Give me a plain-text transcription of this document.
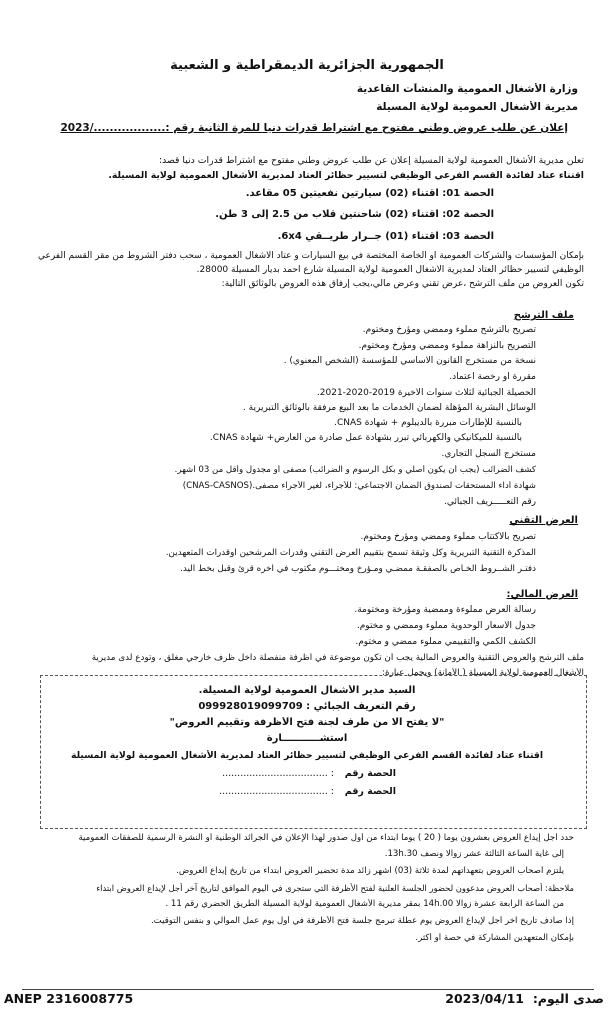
الجمهورية الجزائرية الديمقراطية و الشعبية
وزارة الأشغال العمومية والمنشآت القاعدية
مديرية الأشغال العمومية لولاية المسيلة
إعلان عن طلب عروض وطني مفتوح مع اشتراط قدرات دنيا للمرة الثانية رقم :................../2023
تعلن مديرية الأشغال العمومية لولاية المسيلة إعلان عن طلب عروض وطني مفتوح مع اشتراط قدرات دنيا قصد:
اقتناء عتاد لفائدة القسم الفرعي الوظيفي لتسيير حظائر العتاد لمديرية الأشغال العمومية لولاية المسيلة.
الحصة 01: اقتناء (02) سيارتين نفعيتين 05 مقاعد.
الحصة 02: اقتناء (02) شاحنتين قلاب من 2.5 إلى 3 طن.
الحصة 03: اقتناء (01) جــرار طريــقي 6x4.
بإمكان المؤسسات والشركات العمومية أو الخاصة المختصة في بيع السيارات و عتاد الأشغال العمومية ، سحب دفتر الشروط من مقر القسم الفرعي
الوظيفي لتسيير حظائر العتاد لمديرية الأشغال العمومية لولاية المسيلة شارع أحمد بديار المسيلة 28000.
تكون العروض من ملف الترشح ،عرض تقني وعرض مالي،يجب إرفاق هذه العروض بالوثائق التالية:
ملف الترشح
تصريح بالترشح مملوء وممضي ومؤرخ ومختوم.
التصريح بالنزاهة مملوء وممضي ومؤرخ ومختوم.
نسخة من مستخرج القانون الأساسي للمؤسسة (الشخص المعنوي) .
مقررة أو رخصة اعتماد.
الحصيلة الجبائية لثلاث سنوات الأخيرة 2019-2020-2021.
الوسائل البشرية المؤهلة لضمان الخدمات ما بعد البيع مرفقة بالوثائق التبريرية .
بالنسبة للإطارات مبررة بالديبلوم + شهادة CNAS.
بالنسبة للميكانيكي والكهربائي تبرر بشهادة عمل صادرة من العارض+ شهادة CNAS.
مستخرج السجل التجاري.
كشف الضرائب (يجب أن يكون أصلي و بكل الرسوم و الضرائب) مصفى أو مجدول وأقل من 03 أشهر.
شهادة أداء المستحقات لصندوق الضمان الاجتماعي: للأجراء، لغير الأجراء مصفى.(CNAS-CASNOS)
رقم التعـــــريف الجبائي.
العرض التقني
تصريح بالاكتتاب مملوء وممضي ومؤرخ ومختوم.
المذكرة التقنية التبريرية وكل وثيقة تسمح بتقييم العرض التقني وقدرات المرشحين أوقدرات المتعهدين.
دفتـر الشــروط الخـاص بالصفقـة ممضـي ومـؤرخ ومختـــوم مكتوب في آخره قرئ وقبل بخط اليد.
العرض المالي:
رسالة العرض مملوءة وممضية ومؤرخة ومختومة.
جدول الأسعار الوحدوية مملوء وممضي و مختوم.
الكشف الكمي والتقييمي مملوء ممضي و مختوم.
ملف الترشح والعروض التقنية والعروض المالية يجب أن تكون موضوعة في أظرفة منفصلة داخل ظرف خارجي مغلق ، وتودع لدى مديرية
الأشغال العمومية لولاية المسيلة ( الأمانة) ويحمل عبارة:
السيد مدير الأشغال العمومية لولاية المسيلة.
رقم التعريف الجبائي : 099928019099709
"لا يفتح الا من طرف لجنة فتح الأظرفة وتقييم العروض"
استشـــــــــــارة
اقتناء عتاد لفائدة القسم الفرعي الوظيفي لتسيير حظائر العتاد لمديرية الأشغال العمومية لولاية المسيلة
الحصة رقم
: ...................................
الحصة رقم
: ....................................
حدد أجل إيداع العروض بعشرون يوما ( 20 ) يوما ابتداء من أول صدور لهذا الإعلان في الجرائد الوطنية أو النشرة الرسمية للصفقات العمومية
إلى غاية الساعة الثالثة عشر زوالا ونصف 13h.30.
يلتزم أصحاب العروض بتعهداتهم لمدة ثلاثة (03) أشهر زائد مدة تحضير العروض ابتداء من تاريخ إيداع العروض.
ملاحظة: أصحاب العروض مدعوون لحضور الجلسة العلنية لفتح الأظرفة التي ستجرى في اليوم الموافق لتاريخ آخر أجل لإيداع العروض ابتداء
من الساعة الرابعة عشرة زوالا 14h.00 بمقر مديرية الأشغال العمومية لولاية المسيلة الطريق الحضري رقم 11 .
إذا صادف تاريخ آخر أجل لإيداع العروض يوم عطلة تبرمج جلسة فتح الأظرفة في أول يوم عمل الموالي و بنفس التوقيت.
بإمكان المتعهدين المشاركة في حصة أو أكثر.
ANEP 2316008775	صدى اليوم:
2023/04/11
